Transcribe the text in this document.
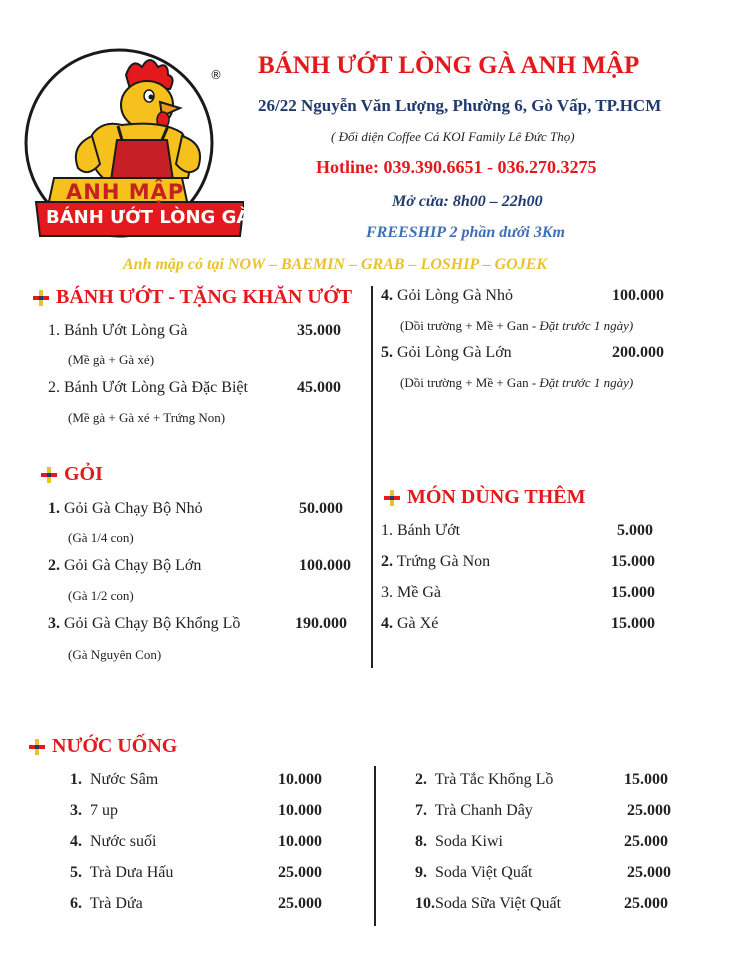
ANH MẬP
BÁNH ƯỚT LÒNG GÀ
® BÁNH ƯỚT LÒNG GÀ ANH MẬP
26/22 Nguyễn Văn Lượng, Phường 6, Gò Vấp, TP.HCM
( Đối diện Coffee Cá KOI Family Lê Đức Thọ)
Hotline: 039.390.6651 - 036.270.3275
Mở cửa: 8h00 – 22h00
FREESHIP 2 phần dưới 3Km
Anh mập có tại NOW – BAEMIN – GRAB – LOSHIP – GOJEK
BÁNH ƯỚT - TẶNG KHĂN ƯỚT
1. Bánh Ướt Lòng Gà	35.000
(Mề gà + Gà xé)
2. Bánh Ướt Lòng Gà Đặc Biệt	45.000
(Mề gà + Gà xé + Trứng Non)
GỎI
1. Gỏi Gà Chạy Bộ Nhỏ	50.000
(Gà 1/4 con)
2. Gỏi Gà Chạy Bộ Lớn	100.000
(Gà 1/2 con)
3. Gỏi Gà Chạy Bộ Khổng Lồ	190.000
(Gà Nguyên Con)
4. Gỏi Lòng Gà Nhỏ	100.000
(Dồi trường + Mề + Gan - Đặt trước 1 ngày)
5. Gỏi Lòng Gà Lớn	200.000
(Dồi trường + Mề + Gan - Đặt trước 1 ngày)
MÓN DÙNG THÊM
1. Bánh Ướt	5.000
2. Trứng Gà Non	15.000
3. Mề Gà	15.000
4. Gà Xé	15.000
NƯỚC UỐNG
1. Nước Sâm	10.000
3. 7 up	10.000
4. Nước suối	10.000
5. Trà Dưa Hấu	25.000
6. Trà Dứa	25.000
2. Trà Tắc Khổng Lồ	15.000
7. Trà Chanh Dây	25.000
8. Soda Kiwi	25.000
9. Soda Việt Quất	25.000
10.Soda Sữa Việt Quất	25.000
